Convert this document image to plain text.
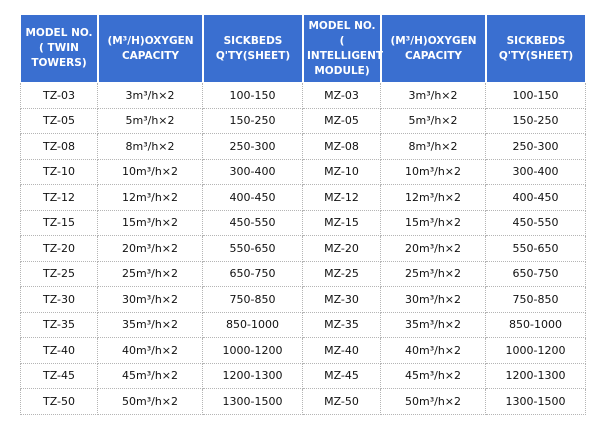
MODEL NO.
( TWIN
TOWERS)	(M³/H)OXYGEN
CAPACITY	SICKBEDS
Q'TY(SHEET)	MODEL NO.
( INTELLIGENT
MODULE)	(M³/H)OXYGEN
CAPACITY	SICKBEDS
Q'TY(SHEET)
TZ-03	3m³/h×2	100-150	MZ-03	3m³/h×2	100-150
TZ-05	5m³/h×2	150-250	MZ-05	5m³/h×2	150-250
TZ-08	8m³/h×2	250-300	MZ-08	8m³/h×2	250-300
TZ-10	10m³/h×2	300-400	MZ-10	10m³/h×2	300-400
TZ-12	12m³/h×2	400-450	MZ-12	12m³/h×2	400-450
TZ-15	15m³/h×2	450-550	MZ-15	15m³/h×2	450-550
TZ-20	20m³/h×2	550-650	MZ-20	20m³/h×2	550-650
TZ-25	25m³/h×2	650-750	MZ-25	25m³/h×2	650-750
TZ-30	30m³/h×2	750-850	MZ-30	30m³/h×2	750-850
TZ-35	35m³/h×2	850-1000	MZ-35	35m³/h×2	850-1000
TZ-40	40m³/h×2	1000-1200	MZ-40	40m³/h×2	1000-1200
TZ-45	45m³/h×2	1200-1300	MZ-45	45m³/h×2	1200-1300
TZ-50	50m³/h×2	1300-1500	MZ-50	50m³/h×2	1300-1500
